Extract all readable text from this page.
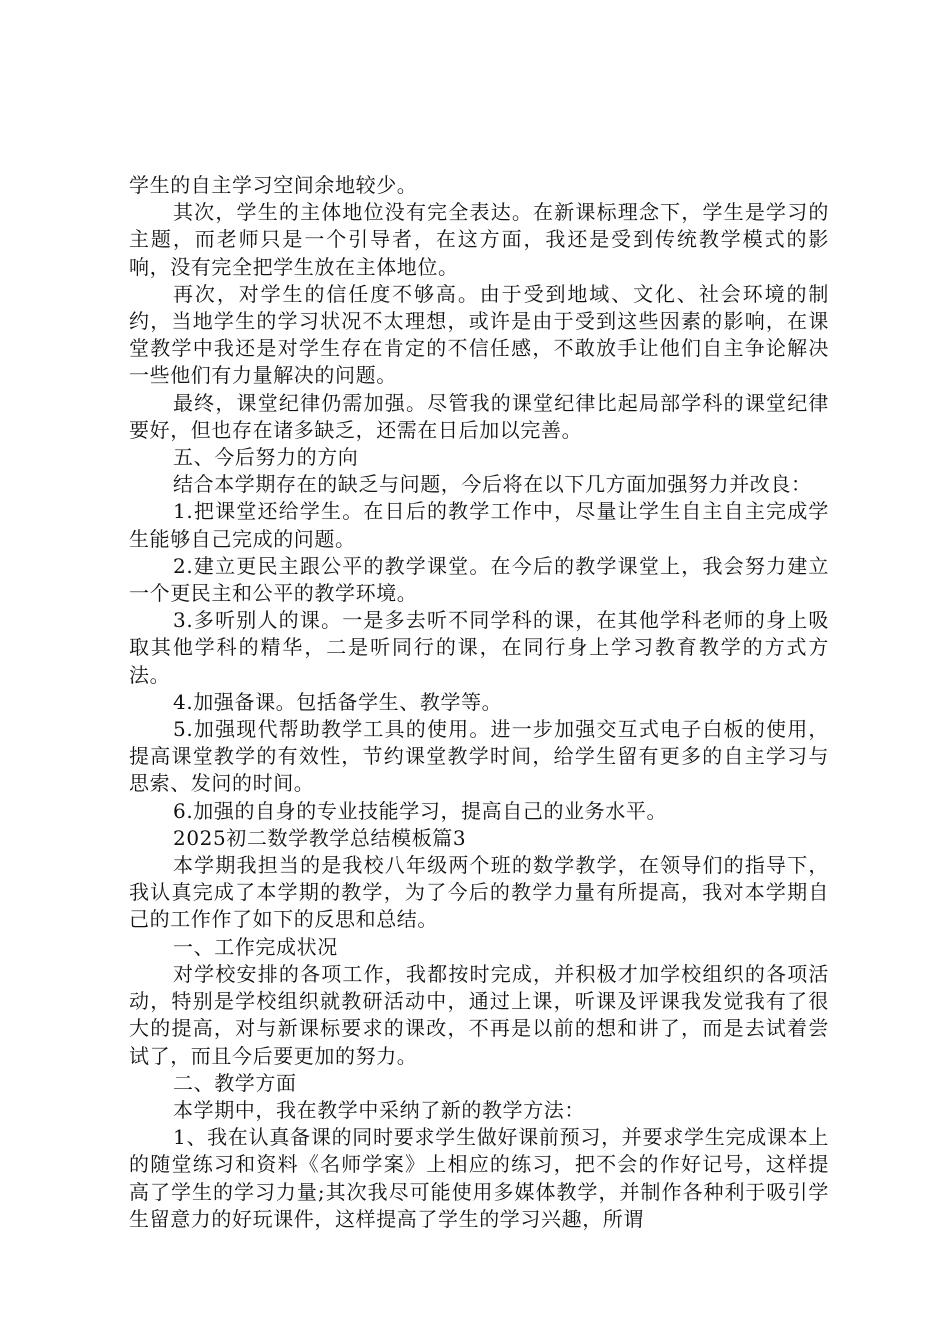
学生的自主学习空间余地较少。

其次，学生的主体地位没有完全表达。在新课标理念下，学生是学习的主题，而老师只是一个引导者，在这方面，我还是受到传统教学模式的影响，没有完全把学生放在主体地位。

再次，对学生的信任度不够高。由于受到地域、文化、社会环境的制约，当地学生的学习状况不太理想，或许是由于受到这些因素的影响，在课堂教学中我还是对学生存在肯定的不信任感，不敢放手让他们自主争论解决一些他们有力量解决的问题。

最终，课堂纪律仍需加强。尽管我的课堂纪律比起局部学科的课堂纪律要好，但也存在诸多缺乏，还需在日后加以完善。

五、今后努力的方向

结合本学期存在的缺乏与问题，今后将在以下几方面加强努力并改良：

1.把课堂还给学生。在日后的教学工作中，尽量让学生自主自主完成学生能够自己完成的问题。

2.建立更民主跟公平的教学课堂。在今后的教学课堂上，我会努力建立一个更民主和公平的教学环境。

3.多听别人的课。一是多去听不同学科的课，在其他学科老师的身上吸取其他学科的精华，二是听同行的课，在同行身上学习教育教学的方式方法。

4.加强备课。包括备学生、教学等。

5.加强现代帮助教学工具的使用。进一步加强交互式电子白板的使用，提高课堂教学的有效性，节约课堂教学时间，给学生留有更多的自主学习与思索、发问的时间。

6.加强的自身的专业技能学习，提高自己的业务水平。

2025初二数学教学总结模板篇3

本学期我担当的是我校八年级两个班的数学教学，在领导们的指导下，我认真完成了本学期的教学，为了今后的教学力量有所提高，我对本学期自己的工作作了如下的反思和总结。

一、工作完成状况

对学校安排的各项工作，我都按时完成，并积极才加学校组织的各项活动，特别是学校组织就教研活动中，通过上课，听课及评课我发觉我有了很大的提高，对与新课标要求的课改，不再是以前的想和讲了，而是去试着尝试了，而且今后要更加的努力。

二、教学方面

本学期中，我在教学中采纳了新的教学方法：

1、我在认真备课的同时要求学生做好课前预习，并要求学生完成课本上的随堂练习和资料《名师学案》上相应的练习，把不会的作好记号，这样提高了学生的学习力量;其次我尽可能使用多媒体教学，并制作各种利于吸引学生留意力的好玩课件，这样提高了学生的学习兴趣，所谓
